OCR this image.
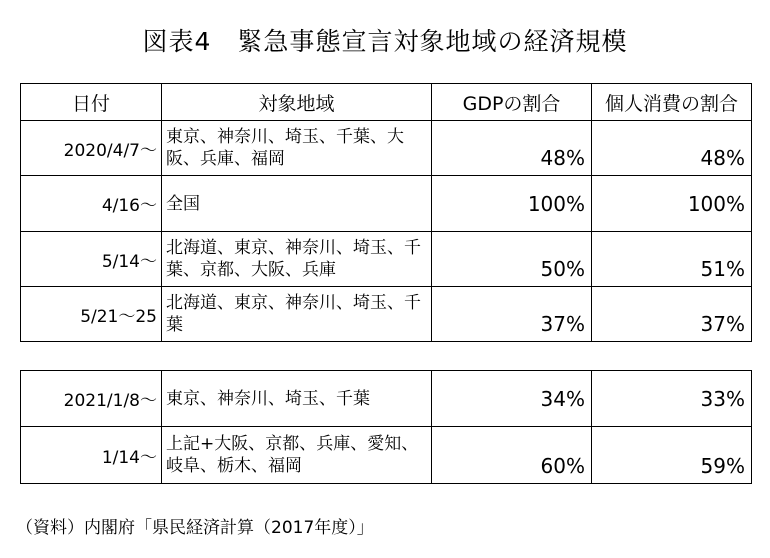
図表4　緊急事態宣言対象地域の経済規模
日付	対象地域	GDPの割合	個人消費の割合
2020/4/7～	東京、神奈川、埼玉、千葉、大阪、兵庫、福岡	48%	48%
4/16～	全国	100%	100%
5/14～	北海道、東京、神奈川、埼玉、千葉、京都、大阪、兵庫	50%	51%
5/21～25	北海道、東京、神奈川、埼玉、千葉	37%	37%
2021/1/8～	東京、神奈川、埼玉、千葉	34%	33%
1/14～	上記+大阪、京都、兵庫、愛知、岐阜、栃木、福岡	60%	59%
（資料）内閣府「県民経済計算（2017年度）」
